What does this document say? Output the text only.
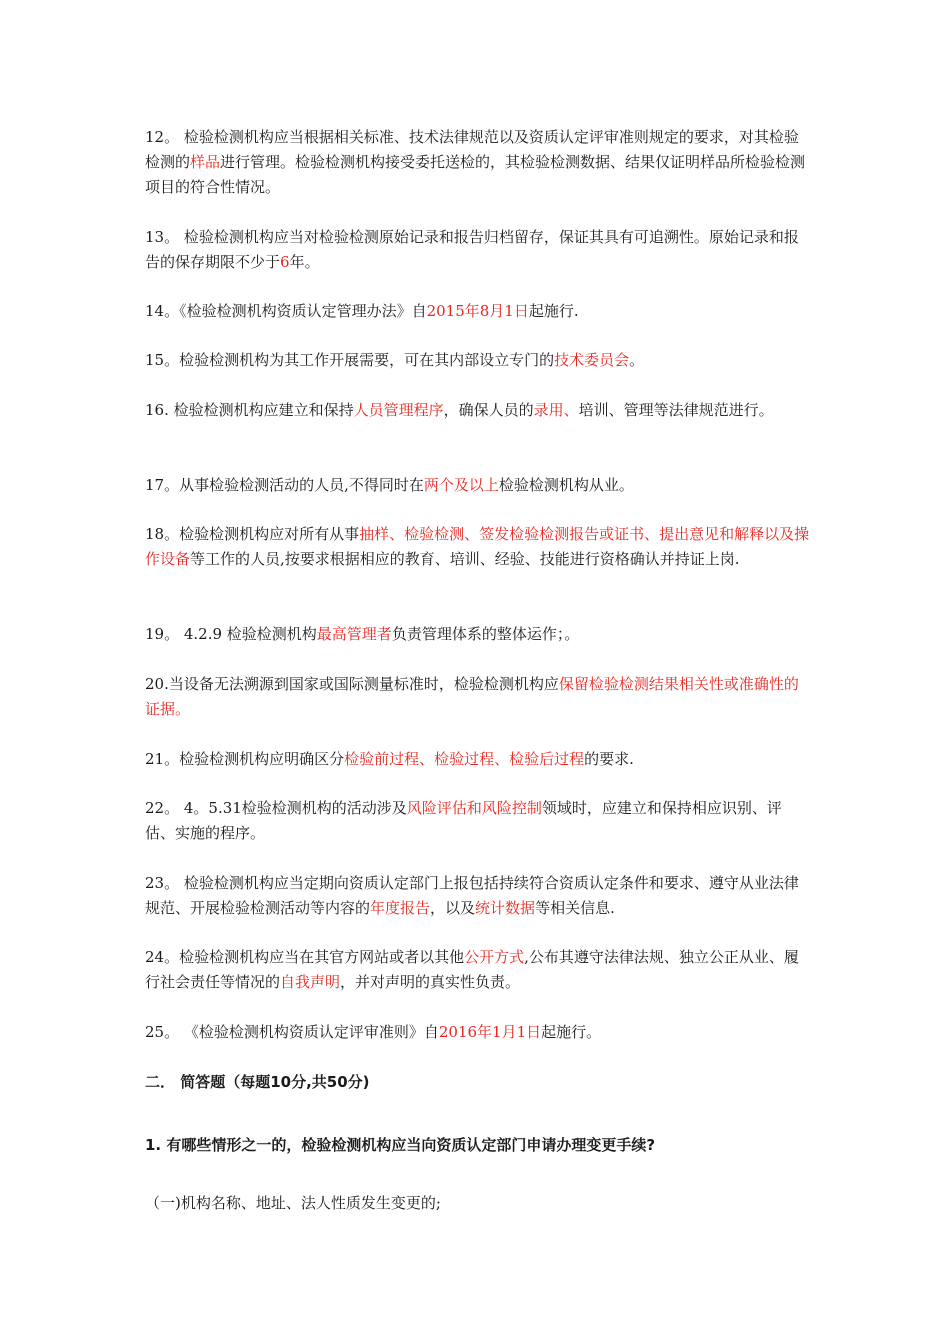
12。 检验检测机构应当根据相关标准、技术法律规范以及资质认定评审准则规定的要求，对其检验检测的样品进行管理。检验检测机构接受委托送检的，其检验检测数据、结果仅证明样品所检验检测项目的符合性情况。

13。 检验检测机构应当对检验检测原始记录和报告归档留存，保证其具有可追溯性。原始记录和报告的保存期限不少于6年。

14。《检验检测机构资质认定管理办法》自2015年8月1日起施行.

15。检验检测机构为其工作开展需要，可在其内部设立专门的技术委员会。

16. 检验检测机构应建立和保持人员管理程序，确保人员的录用、培训、管理等法律规范进行。

17。从事检验检测活动的人员,不得同时在两个及以上检验检测机构从业。

18。检验检测机构应对所有从事抽样、检验检测、签发检验检测报告或证书、提出意见和解释以及操作设备等工作的人员,按要求根据相应的教育、培训、经验、技能进行资格确认并持证上岗.

19。 4.2.9 检验检测机构最高管理者负责管理体系的整体运作；。

20.当设备无法溯源到国家或国际测量标准时，检验检测机构应保留检验检测结果相关性或准确性的证据。

21。检验检测机构应明确区分检验前过程、检验过程、检验后过程的要求.

22。 4。5.31检验检测机构的活动涉及风险评估和风险控制领域时，应建立和保持相应识别、评估、实施的程序。

23。 检验检测机构应当定期向资质认定部门上报包括持续符合资质认定条件和要求、遵守从业法律规范、开展检验检测活动等内容的年度报告，以及统计数据等相关信息.

24。检验检测机构应当在其官方网站或者以其他公开方式,公布其遵守法律法规、独立公正从业、履行社会责任等情况的自我声明，并对声明的真实性负责。

25。 《检验检测机构资质认定评审准则》自2016年1月1日起施行。

二． 简答题（每题10分,共50分)

1. 有哪些情形之一的，检验检测机构应当向资质认定部门申请办理变更手续?

（一)机构名称、地址、法人性质发生变更的;
